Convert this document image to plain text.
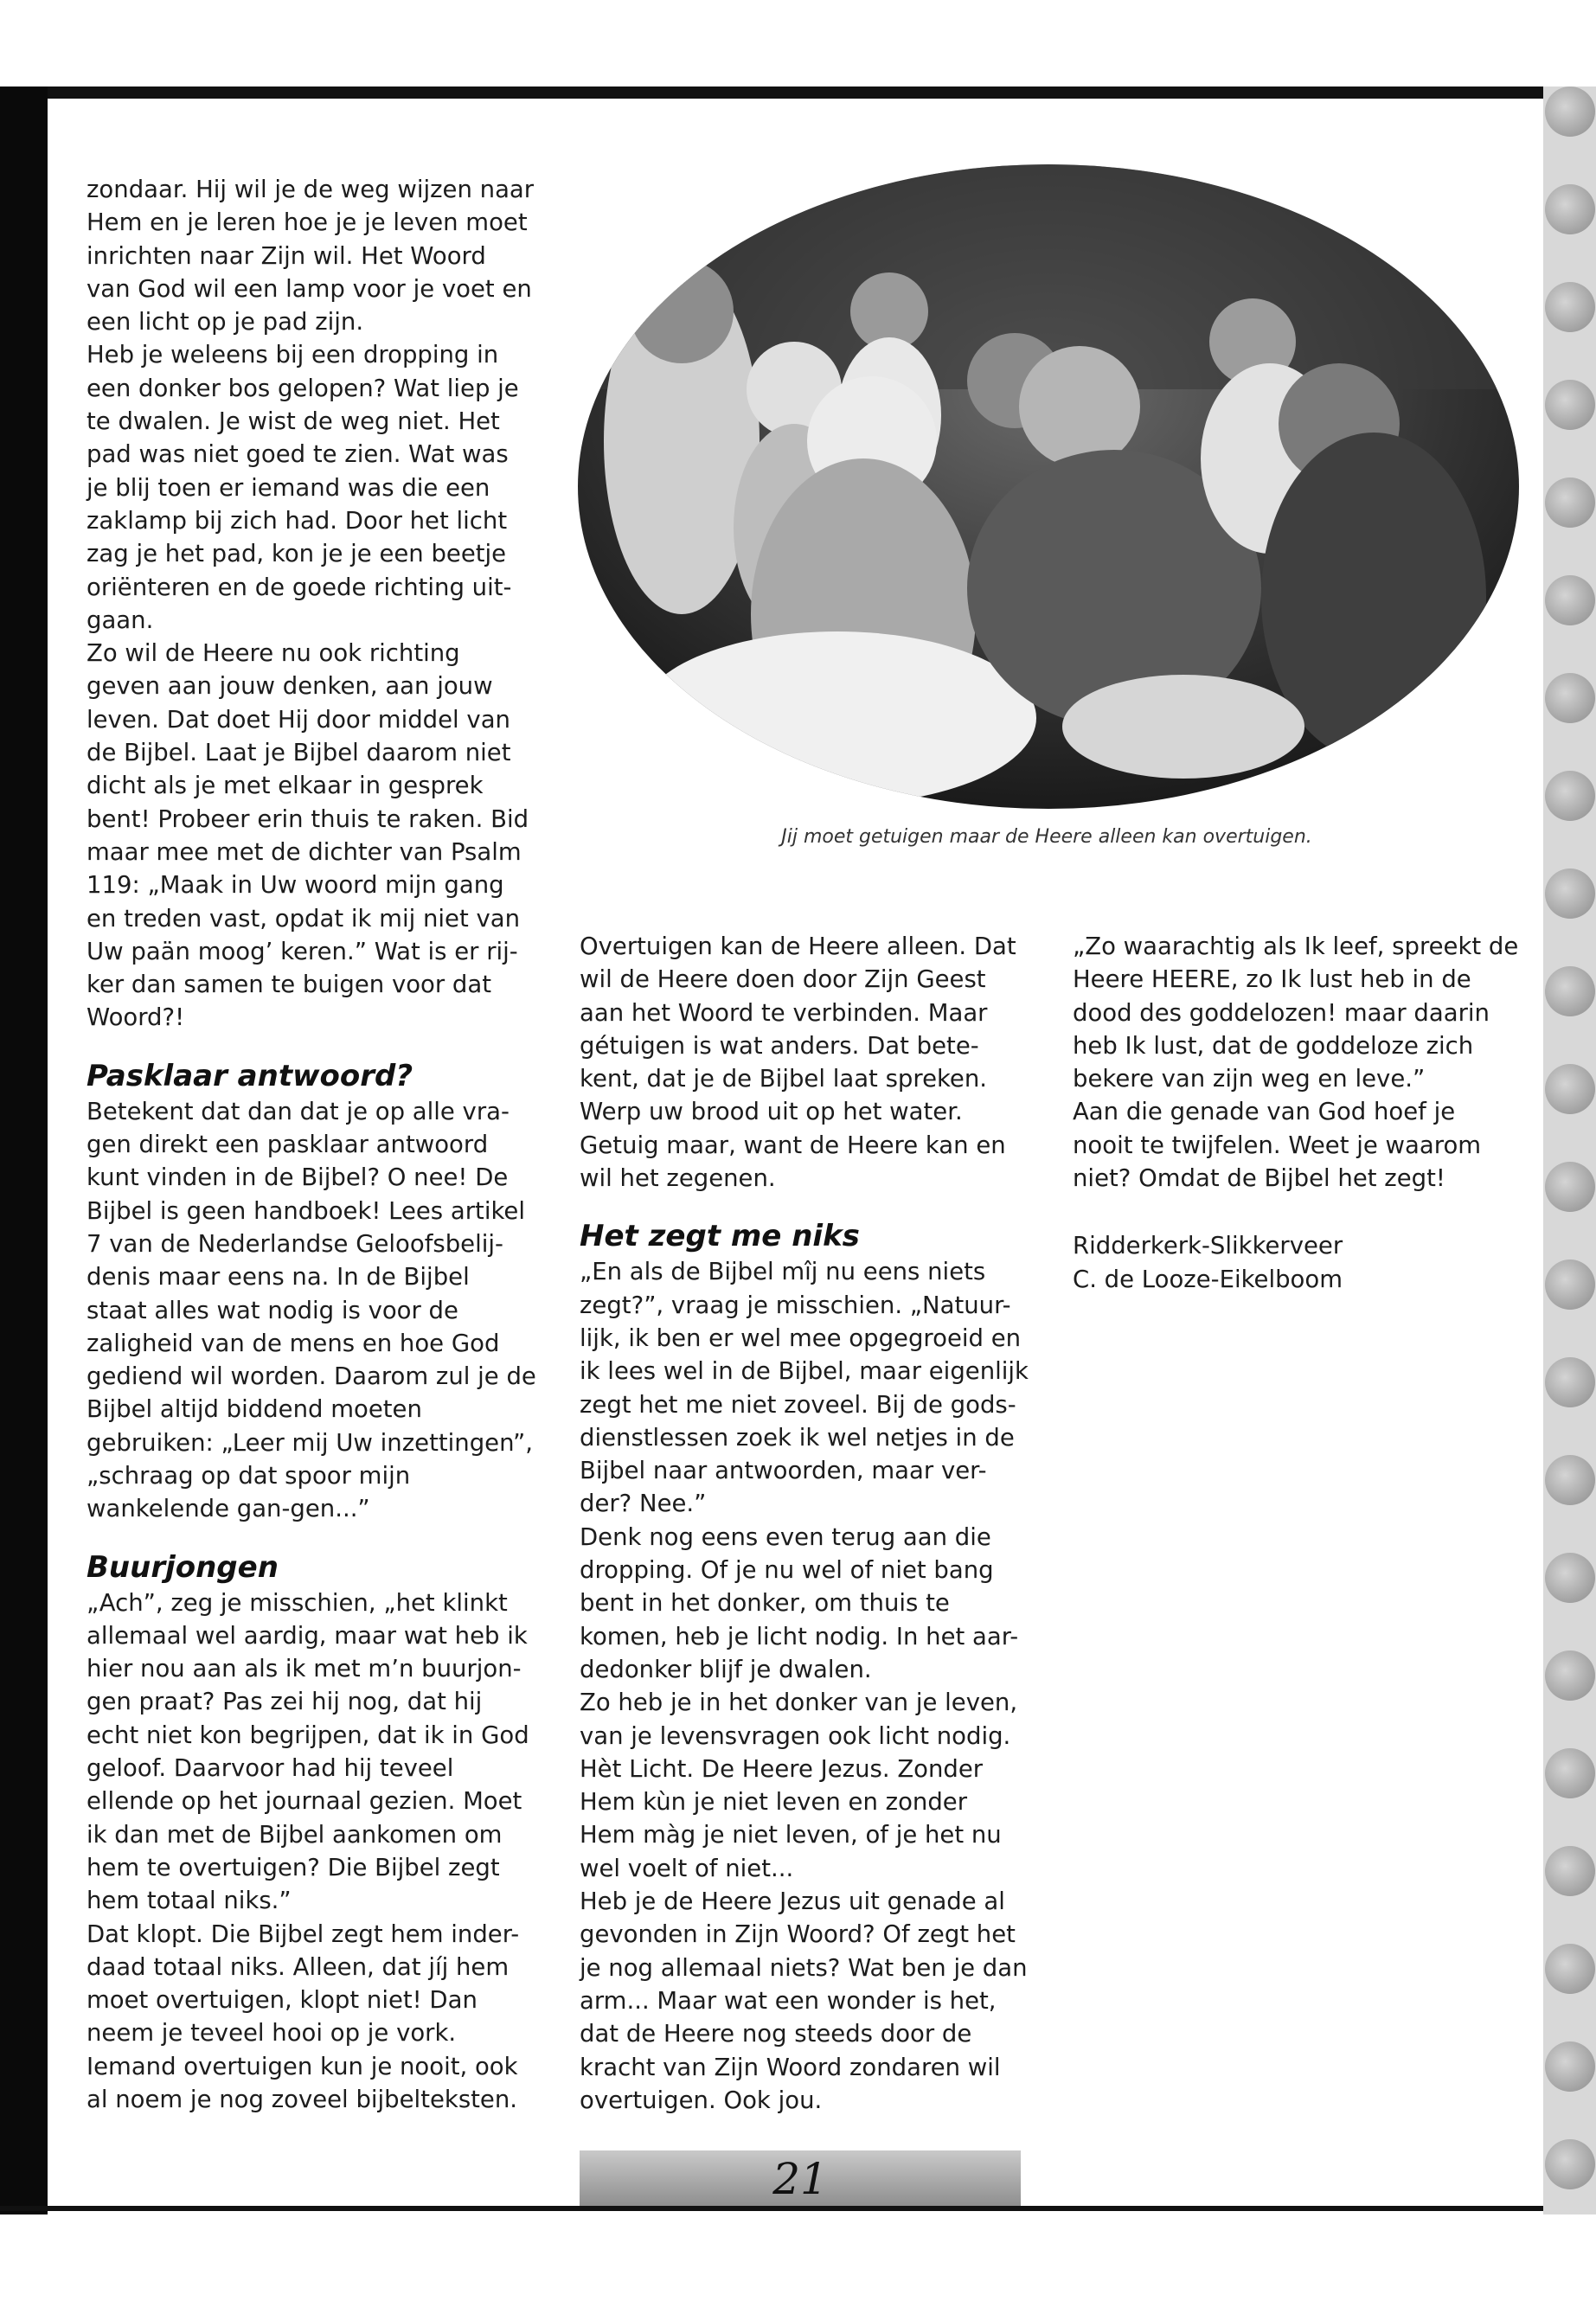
zondaar. Hij wil je de weg wijzen naar Hem en je leren hoe je je leven moet inrichten naar Zijn wil. Het Woord van God wil een lamp voor je voet en een licht op je pad zijn.

Heb je weleens bij een dropping in een donker bos gelopen? Wat liep je te dwalen. Je wist de weg niet. Het pad was niet goed te zien. Wat was je blij toen er iemand was die een zaklamp bij zich had. Door het licht zag je het pad, kon je je een beetje oriënteren en de goede richting uit-gaan.

Zo wil de Heere nu ook richting geven aan jouw denken, aan jouw leven. Dat doet Hij door middel van de Bijbel. Laat je Bijbel daarom niet dicht als je met elkaar in gesprek bent! Probeer erin thuis te raken. Bid maar mee met de dichter van Psalm 119: „Maak in Uw woord mijn gang en treden vast, opdat ik mij niet van Uw paän moog’ keren.” Wat is er rij-ker dan samen te buigen voor dat Woord?!

Pasklaar antwoord?

Betekent dat dan dat je op alle vra-gen direkt een pasklaar antwoord kunt vinden in de Bijbel? O nee! De Bijbel is geen handboek! Lees artikel 7 van de Nederlandse Geloofsbelij-denis maar eens na. In de Bijbel staat alles wat nodig is voor de zaligheid van de mens en hoe God gediend wil worden. Daarom zul je de Bijbel altijd biddend moeten gebruiken: „Leer mij Uw inzettingen”, „schraag op dat spoor mijn wankelende gan-gen...”

Buurjongen

„Ach”, zeg je misschien, „het klinkt allemaal wel aardig, maar wat heb ik hier nou aan als ik met m’n buurjon-gen praat? Pas zei hij nog, dat hij echt niet kon begrijpen, dat ik in God geloof. Daarvoor had hij teveel ellende op het journaal gezien. Moet ik dan met de Bijbel aankomen om hem te overtuigen? Die Bijbel zegt hem totaal niks.”

Dat klopt. Die Bijbel zegt hem inder-daad totaal niks. Alleen, dat jíj hem moet overtuigen, klopt niet! Dan neem je teveel hooi op je vork. Iemand overtuigen kun je nooit, ook al noem je nog zoveel bijbelteksten.

Jij moet getuigen maar de Heere alleen kan overtuigen.

Overtuigen kan de Heere alleen. Dat wil de Heere doen door Zijn Geest aan het Woord te verbinden. Maar gétuigen is wat anders. Dat bete-kent, dat je de Bijbel laat spreken. Werp uw brood uit op het water. Getuig maar, want de Heere kan en wil het zegenen.

Het zegt me niks

„En als de Bijbel mîj nu eens niets zegt?”, vraag je misschien. „Natuur-lijk, ik ben er wel mee opgegroeid en ik lees wel in de Bijbel, maar eigenlijk zegt het me niet zoveel. Bij de gods-dienstlessen zoek ik wel netjes in de Bijbel naar antwoorden, maar ver-der? Nee.”

Denk nog eens even terug aan die dropping. Of je nu wel of niet bang bent in het donker, om thuis te komen, heb je licht nodig. In het aar-dedonker blijf je dwalen.

Zo heb je in het donker van je leven, van je levensvragen ook licht nodig. Hèt Licht. De Heere Jezus. Zonder Hem kùn je niet leven en zonder Hem màg je niet leven, of je het nu wel voelt of niet...

Heb je de Heere Jezus uit genade al gevonden in Zijn Woord? Of zegt het je nog allemaal niets? Wat ben je dan arm... Maar wat een wonder is het, dat de Heere nog steeds door de kracht van Zijn Woord zondaren wil overtuigen. Ook jou.

„Zo waarachtig als Ik leef, spreekt de Heere HEERE, zo Ik lust heb in de dood des goddelozen! maar daarin heb Ik lust, dat de goddeloze zich bekere van zijn weg en leve.”

Aan die genade van God hoef je nooit te twijfelen. Weet je waarom niet? Omdat de Bijbel het zegt!

Ridderkerk-Slikkerveer

C. de Looze-Eikelboom

21
